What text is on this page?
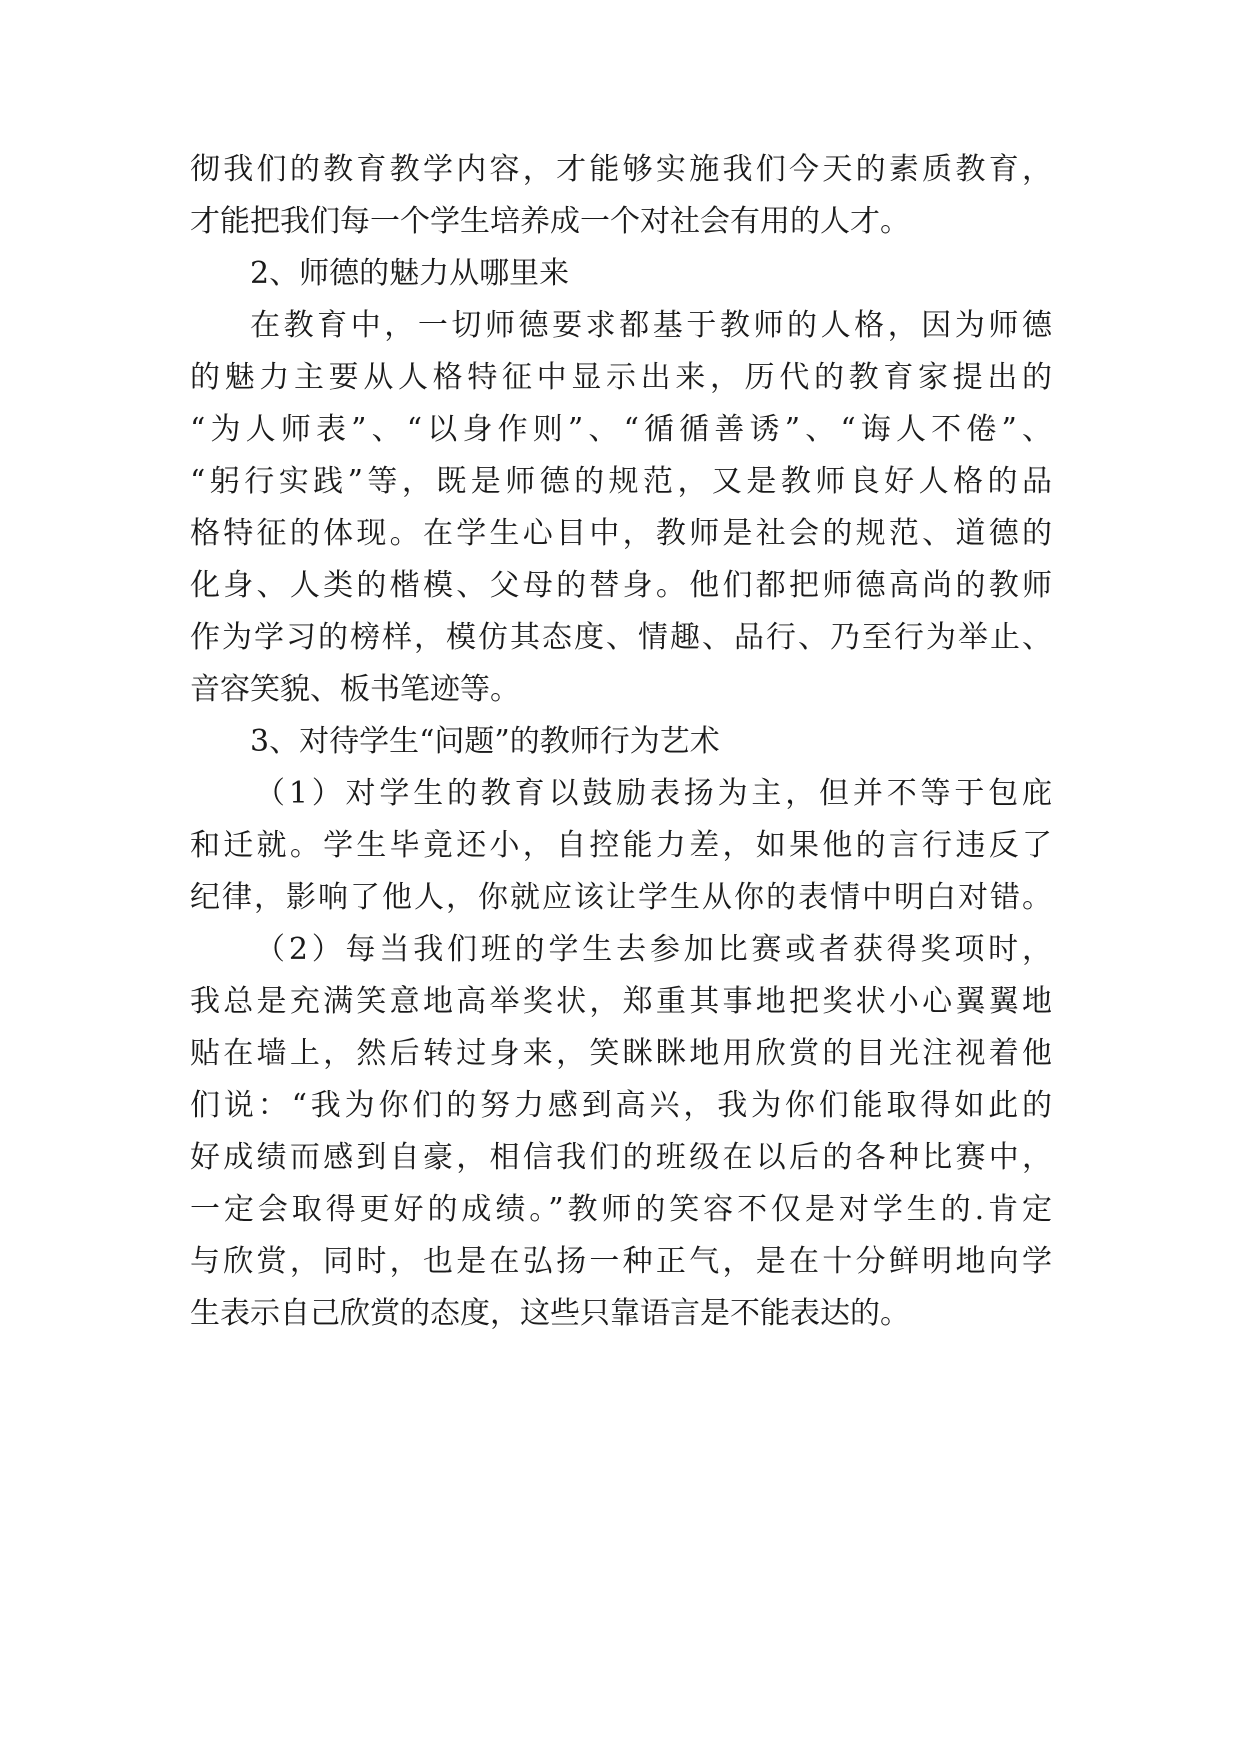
彻我们的教育教学内容，才能够实施我们今天的素质教育，
才能把我们每一个学生培养成一个对社会有用的人才。
2、师德的魅力从哪里来
在教育中，一切师德要求都基于教师的人格，因为师德
的魅力主要从人格特征中显示出来，历代的教育家提出的
“为人师表”、“以身作则”、“循循善诱”、“诲人不倦”、
“躬行实践”等，既是师德的规范，又是教师良好人格的品
格特征的体现。在学生心目中，教师是社会的规范、道德的
化身、人类的楷模、父母的替身。他们都把师德高尚的教师
作为学习的榜样，模仿其态度、情趣、品行、乃至行为举止、
音容笑貌、板书笔迹等。
3、对待学生“问题”的教师行为艺术
（1）对学生的教育以鼓励表扬为主，但并不等于包庇
和迁就。学生毕竟还小，自控能力差，如果他的言行违反了
纪律，影响了他人，你就应该让学生从你的表情中明白对错。
（2）每当我们班的学生去参加比赛或者获得奖项时，
我总是充满笑意地高举奖状，郑重其事地把奖状小心翼翼地
贴在墙上，然后转过身来，笑眯眯地用欣赏的目光注视着他
们说：“我为你们的努力感到高兴，我为你们能取得如此的
好成绩而感到自豪，相信我们的班级在以后的各种比赛中，
一定会取得更好的成绩。”教师的笑容不仅是对学生的.肯定
与欣赏，同时，也是在弘扬一种正气，是在十分鲜明地向学
生表示自己欣赏的态度，这些只靠语言是不能表达的。
